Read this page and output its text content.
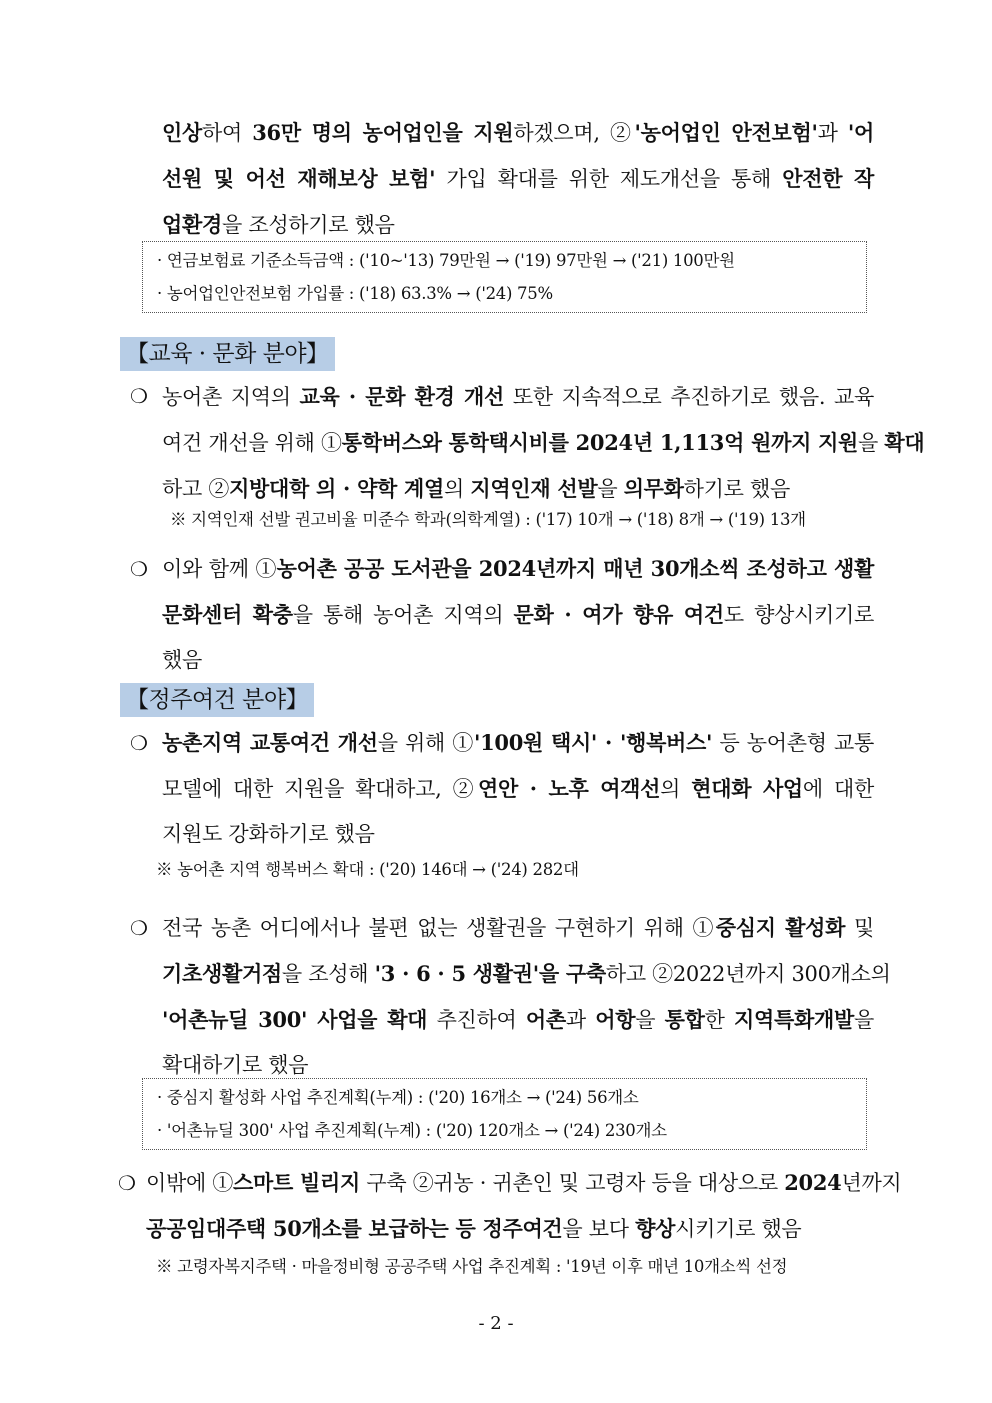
인상하여 36만 명의 농어업인을 지원하겠으며, ②'농어업인 안전보험'과 '어
선원 및 어선 재해보상 보험' 가입 확대를 위한 제도개선을 통해 안전한 작
업환경을 조성하기로 했음
· 연금보험료 기준소득금액 : ('10~'13) 79만원 → ('19) 97만원 → ('21) 100만원
· 농어업인안전보험 가입률 : ('18) 63.3% → ('24) 75%
【교육 · 문화 분야】
❍ 농어촌 지역의 교육 · 문화 환경 개선 또한 지속적으로 추진하기로 했음. 교육
여건 개선을 위해 ①통학버스와 통학택시비를 2024년 1,113억 원까지 지원을 확대
하고 ②지방대학 의 · 약학 계열의 지역인재 선발을 의무화하기로 했음
※ 지역인재 선발 권고비율 미준수 학과(의학계열) : ('17) 10개 → ('18) 8개 → ('19) 13개
❍ 이와 함께 ①농어촌 공공 도서관을 2024년까지 매년 30개소씩 조성하고 생활
문화센터 확충을 통해 농어촌 지역의 문화 · 여가 향유 여건도 향상시키기로
했음
【정주여건 분야】
❍ 농촌지역 교통여건 개선을 위해 ①'100원 택시' · '행복버스' 등 농어촌형 교통
모델에 대한 지원을 확대하고, ②연안 · 노후 여객선의 현대화 사업에 대한
지원도 강화하기로 했음
※ 농어촌 지역 행복버스 확대 : ('20) 146대 → ('24) 282대
❍ 전국 농촌 어디에서나 불편 없는 생활권을 구현하기 위해 ①중심지 활성화 및
기초생활거점을 조성해 '3 · 6 · 5 생활권'을 구축하고 ②2022년까지 300개소의
'어촌뉴딜 300' 사업을 확대 추진하여 어촌과 어항을 통합한 지역특화개발을
확대하기로 했음
· 중심지 활성화 사업 추진계획(누계) : ('20) 16개소 → ('24) 56개소
· '어촌뉴딜 300' 사업 추진계획(누계) : ('20) 120개소 → ('24) 230개소
❍ 이밖에 ①스마트 빌리지 구축 ②귀농 · 귀촌인 및 고령자 등을 대상으로 2024년까지
공공임대주택 50개소를 보급하는 등 정주여건을 보다 향상시키기로 했음
※ 고령자복지주택 · 마을정비형 공공주택 사업 추진계획 : '19년 이후 매년 10개소씩 선정
- 2 -
